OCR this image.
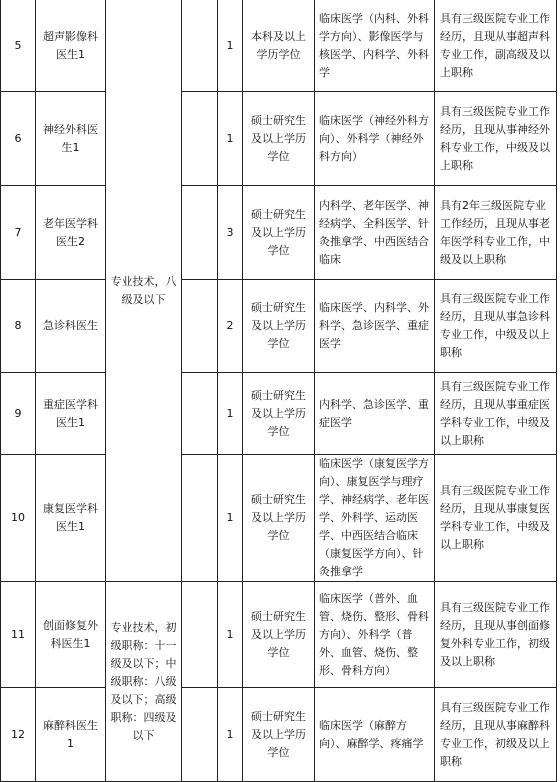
5	超声影像科医生1	专业技术，八级及以下		1	本科及以上学历学位	临床医学（内科、外科学方向）、影像医学与核医学、内科学、外科学	具有三级医院专业工作经历，且现从事超声科专业工作，副高级及以上职称
6	神经外科医生1			1	硕士研究生及以上学历学位	临床医学（神经外科方向）、外科学（神经外科方向）	具有三级医院专业工作经历，且现从事神经外科专业工作，中级及以上职称
7	老年医学科医生2			3	硕士研究生及以上学历学位	内科学、老年医学、神经病学、全科医学、针灸推拿学、中西医结合临床	具有2年三级医院专业工作经历，且现从事老年医学科专业工作，中级及以上职称
8	急诊科医生			2	硕士研究生及以上学历学位	临床医学、内科学、外科学、急诊医学、重症医学	具有三级医院专业工作经历，且现从事急诊科专业工作，中级及以上职称
9	重症医学科医生1			1	硕士研究生及以上学历学位	内科学、急诊医学、重症医学	具有三级医院专业工作经历，且现从事重症医学科专业工作，中级及以上职称
10	康复医学科医生1			1	硕士研究生及以上学历学位	临床医学（康复医学方向）、康复医学与理疗学、神经病学、老年医学、外科学、运动医学、中西医结合临床（康复医学方向）、针灸推拿学	具有三级医院专业工作经历，且现从事康复医学科专业工作，中级及以上职称
11	创面修复外科医生1	专业技术，初级职称：十一级及以下；中级职称：八级及以下；高级职称：四级及以下		1	硕士研究生及以上学历学位	临床医学（普外、血管、烧伤、整形、骨科方向）、外科学（普外、血管、烧伤、整形、骨科方向）	具有三级医院专业工作经历，且现从事创面修复外科专业工作，初级及以上职称
12	麻醉科医生1			1	硕士研究生及以上学历学位	临床医学（麻醉方向）、麻醉学、疼痛学	具有三级医院专业工作经历，且现从事麻醉科专业工作，初级及以上职称
